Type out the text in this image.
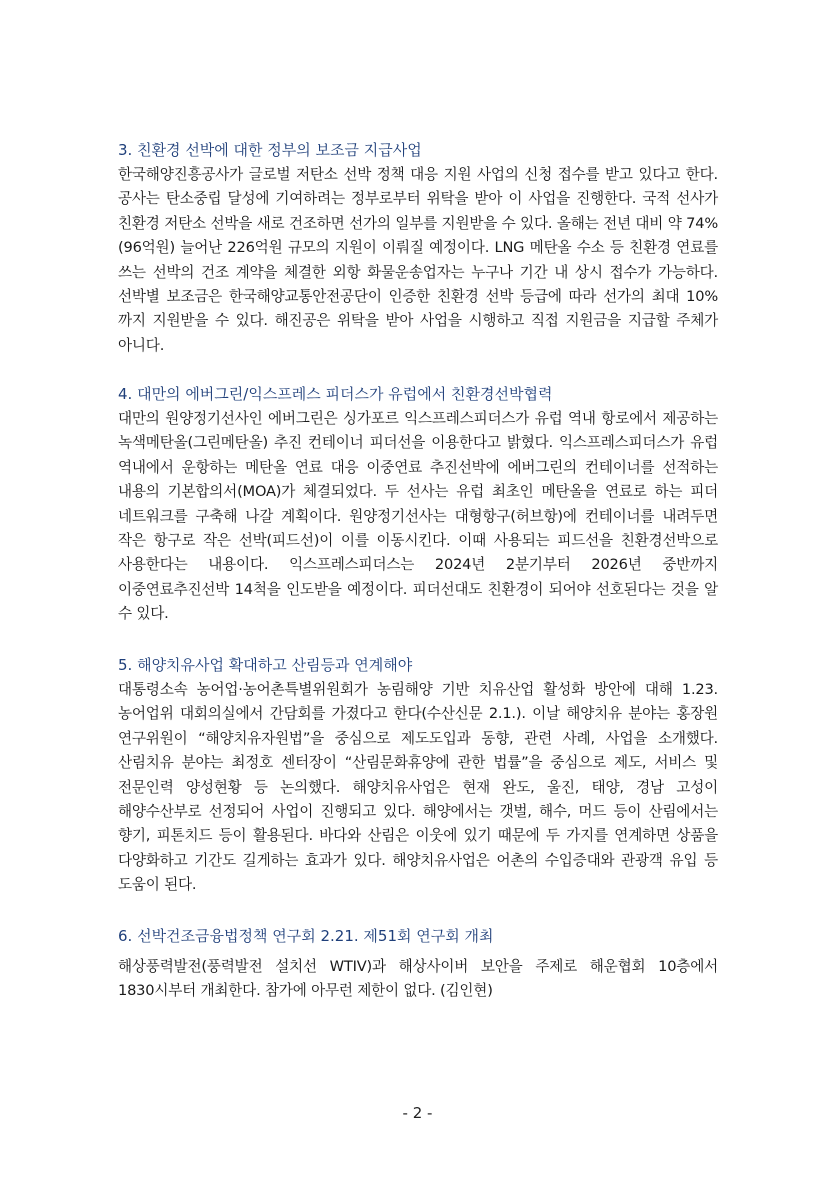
3. 친환경 선박에 대한 정부의 보조금 지급사업
한국해양진흥공사가 글로벌 저탄소 선박 정책 대응 지원 사업의 신청 접수를 받고 있다고 한다. 공사는 탄소중립 달성에 기여하려는 정부로부터 위탁을 받아 이 사업을 진행한다. 국적 선사가 친환경 저탄소 선박을 새로 건조하면 선가의 일부를 지원받을 수 있다. 올해는 전년 대비 약 74%(96억원) 늘어난 226억원 규모의 지원이 이뤄질 예정이다. LNG 메탄올 수소 등 친환경 연료를 쓰는 선박의 건조 계약을 체결한 외항 화물운송업자는 누구나 기간 내 상시 접수가 가능하다. 선박별 보조금은 한국해양교통안전공단이 인증한 친환경 선박 등급에 따라 선가의 최대 10%까지 지원받을 수 있다. 해진공은 위탁을 받아 사업을 시행하고 직접 지원금을 지급할 주체가 아니다.
4. 대만의 에버그린/익스프레스 피더스가 유럽에서 친환경선박협력
대만의 원양정기선사인 에버그린은 싱가포르 익스프레스피더스가 유럽 역내 항로에서 제공하는 녹색메탄올(그린메탄올) 추진 컨테이너 피더선을 이용한다고 밝혔다. 익스프레스피더스가 유럽 역내에서 운항하는 메탄올 연료 대응 이중연료 추진선박에 에버그린의 컨테이너를 선적하는 내용의 기본합의서(MOA)가 체결되었다. 두 선사는 유럽 최초인 메탄올을 연료로 하는 피더 네트워크를 구축해 나갈 계획이다. 원양정기선사는 대형항구(허브항)에 컨테이너를 내려두면 작은 항구로 작은 선박(피드선)이 이를 이동시킨다. 이때 사용되는 피드선을 친환경선박으로 사용한다는 내용이다. 익스프레스피더스는 2024년 2분기부터 2026년 중반까지 이중연료추진선박 14척을 인도받을 예정이다. 피더선대도 친환경이 되어야 선호된다는 것을 알 수 있다.
5. 해양치유사업 확대하고 산림등과 연계해야
대통령소속 농어업·농어촌특별위원회가 농림해양 기반 치유산업 활성화 방안에 대해 1.23. 농어업위 대회의실에서 간담회를 가졌다고 한다(수산신문 2.1.). 이날 해양치유 분야는 홍장원 연구위원이 “해양치유자원법”을 중심으로 제도도입과 동향, 관련 사례, 사업을 소개했다. 산림치유 분야는 최정호 센터장이 “산림문화휴양에 관한 법률”을 중심으로 제도, 서비스 및 전문인력 양성현황 등 논의했다. 해양치유사업은 현재 완도, 울진, 태양, 경남 고성이 해양수산부로 선정되어 사업이 진행되고 있다. 해양에서는 갯벌, 해수, 머드 등이 산림에서는 향기, 피톤치드 등이 활용된다. 바다와 산림은 이웃에 있기 때문에 두 가지를 연계하면 상품을 다양화하고 기간도 길게하는 효과가 있다. 해양치유사업은 어촌의 수입증대와 관광객 유입 등 도움이 된다.
6. 선박건조금융법정책 연구회 2.21. 제51회 연구회 개최
해상풍력발전(풍력발전 설치선 WTIV)과 해상사이버 보안을 주제로 해운협회 10층에서 1830시부터 개최한다. 참가에 아무런 제한이 없다. (김인현)
- 2 -
